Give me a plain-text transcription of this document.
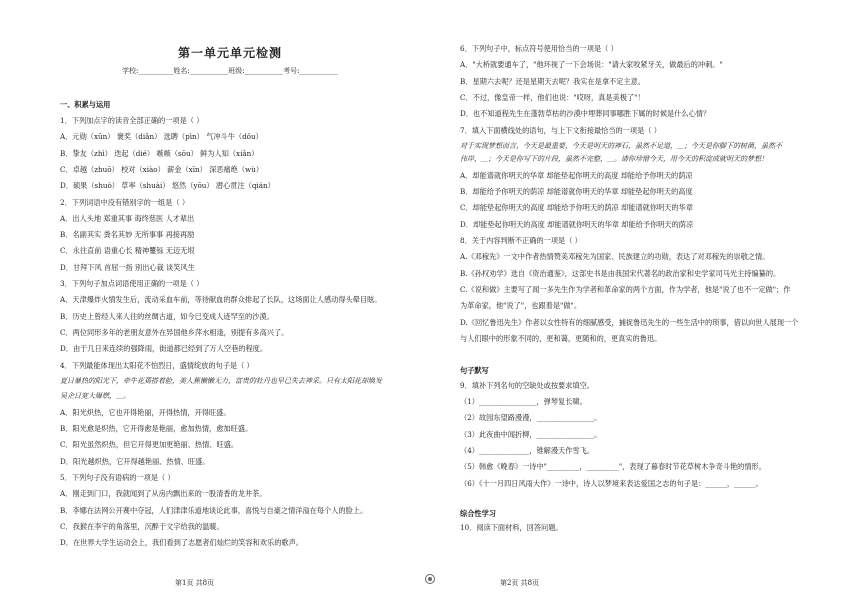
第一单元单元检测
学校:__________姓名:___________班级:___________考号:___________
一、积累与运用
1．下列加点字的读音全部正确的一项是（ ）
A．元勋（xūn） 褒奖（diǎn） 选聘（pìn） 气冲斗牛（dǒu）
B．挚友（zhì） 迭起（dié） 嗾嗾（sōu） 鲜为人知（xiǎn）
C．卓越（zhuō） 校对（xiào） 薪金（xīn） 深恶痛绝（wù）
D．硕果（shuò） 草率（shuài） 悠然（yōu） 潜心贯注（qián）
2．下列词语中没有错别字的一组是（ ）
A．出人头地 郑重其事 诲终慈医 人才辈出
B．名副其实 粪名其妙 无所事事 再接再励
C．永往直前 语重心长 精神矍铄 无迈无垠
D．甘拜下风 首屈一指 别出心裁 谈笑风生
3．下列句子加点词语使用正确的一项是（ ）
A．天津爆炸火情发生后，流动采血车前，等待献血的群众排起了长队，这场面让人感动得头晕目眩。
B．历史上曾经人来人往的丝绸古道，如今已变成人迹罕至的沙漠。
C．两位同形多年的老朋友意外在异国他乡萍水相逢，别提有多高兴了。
D．由于几日来连续的强降雨，街道都已经到了万人空巷的程度。
4．下列最能体现出太阳花不怕烈日，盛情绽放的句子是（ ）
夏日暴热的阳光下，牵牛花蔫搭着脸，美人蕉懒懒无力，富贵的牡丹也早已失去神采。只有太阳花却焕发
吴企日宽大爆燃，＿。
A．阳光炽热，它也开得艳丽，开得热情，开得旺盛。
B．阳光愈是炽热，它开得愈是艳丽，愈加热情，愈加旺盛。
C．阳光虽然炽热，但它开得更加更艳丽、热情、旺盛。
D．阳光越炽热，它开得越艳丽、热情、旺盛。
5．下列句子没有语病的一项是（ ）
A．刚走到门口，我就闻到了从房内飘出来的一股清香的龙井茶。
B．李娜在法网公开赛中夺冠，人们津津乐道地谈论此事，喜悦与自豪之情洋溢在每个人的脸上。
C．我猴在李宇的角落里，沉醉于文字给我的温暖。
D．在世界大学生运动会上，我们看到了志愿者们灿烂的笑容和欢乐的歌声。
第1页 共8页
6．下列句子中，标点符号使用恰当的一项是（ ）
A．"大桥就要通车了，"他环视了一下会场说："请大家咬紧牙关，做最后的冲刺。"
B．星期六去呢？还是星期天去呢？我实在是拿不定主意。
C．不过，像皇帝一样，他们也说："哎呀，真是美极了"！
D．也不知道程先生在蓬勃草枯的沙漠中埋葬同事哪胜下属的时候是什么心情？
7．填入下面横线处的语句，与上下文衔接最恰当的一项是（ ）
对于实现梦想而言，今天是最重要，今天是明天的神石，虽然不足道，＿；今天是你脚下的树菌，虽然不
伟岸，＿；今天是你写下的片段，虽然不完整，＿。请你珍惜今天，用今天的积淀成就明天的梦想！
A．却能谱就你明天的华章 却能垫起你明天的高度 却能给予你明天的荫凉
B．却能给予你明天的荫凉 却能谱就你明天的华章 却能垫起你明天的高度
C．却能垫起你明天的高度 却能给予你明天的荫凉 却能谱就你明天的华章
D．却能垫起你明天的高度 却能谱就你明天的华章 却能给予你明天的荫凉
8．关于内容判断不正确的一项是（ ）
A.《邓稼先》一文中作者热情赞美邓稼先为国家、民族建立的功勋，表达了对邓稼先的崇敬之情。
B.《孙权劝学》选自《资治通鉴》，这部史书是由我国宋代著名的政治家和史学家司马光主持编纂的。
C.《说和做》主要写了闻一多先生作为学者和革命家的两个方面，作为学者，他是"说了也不一定做"；作
为革命家，他"说了"，也跟着是"做"。
D.《回忆鲁迅先生》作者以女性特有的细腻感受，捕捉鲁迅先生的一些生活中的琐事，借以向世人展现一个
与人们眼中的形象不同的，更和蔼，更随和的，更真实的鲁迅。
句子默写
9．填补下列名句的空缺处或按要求填空。
（1）________________，弹琴复长啸。
（2）故园东望路漫漫，________________。
（3）此夜曲中闻折柳，________________。
（4）______________，锥解漫天作雪飞。
（5）韩愈《晚春》一诗中"_________，_________"，表现了暮春时节花草树木争奇斗艳的情形。
（6）《十一月四日风雨大作》一诗中，诗人以梦境来表达爱国之志的句子是：______，______。
综合性学习
10．阅读下面材料，回答问题。
第2页 共8页
